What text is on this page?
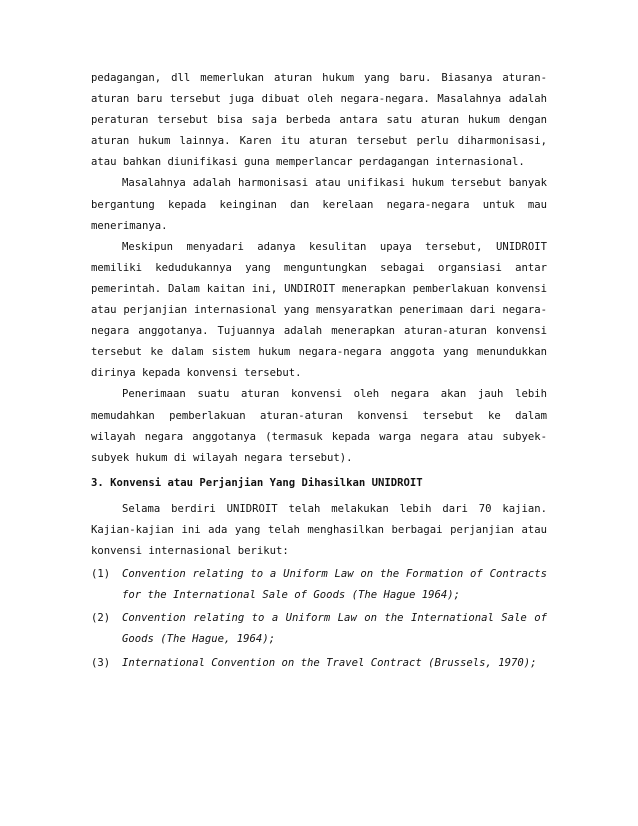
pedagangan, dll memerlukan aturan hukum yang baru. Biasanya aturan-aturan baru tersebut juga dibuat oleh negara-negara. Masalahnya adalah peraturan tersebut bisa saja berbeda antara satu aturan hukum dengan aturan hukum lainnya. Karen itu aturan tersebut perlu diharmonisasi, atau bahkan diunifikasi guna memperlancar perdagangan internasional.

Masalahnya adalah harmonisasi atau unifikasi hukum tersebut banyak bergantung kepada keinginan dan kerelaan negara-negara untuk mau menerimanya.

Meskipun menyadari adanya kesulitan upaya tersebut, UNIDROIT memiliki kedudukannya yang menguntungkan sebagai organsiasi antar pemerintah. Dalam kaitan ini, UNDIROIT menerapkan pemberlakuan konvensi atau perjanjian internasional yang mensyaratkan penerimaan dari negara-negara anggotanya. Tujuannya adalah menerapkan aturan-aturan konvensi tersebut ke dalam sistem hukum negara-negara anggota yang menundukkan dirinya kepada konvensi tersebut.

Penerimaan suatu aturan konvensi oleh negara akan jauh lebih memudahkan pemberlakuan aturan-aturan konvensi tersebut ke dalam wilayah negara anggotanya (termasuk kepada warga negara atau subyek-subyek hukum di wilayah negara tersebut).

3. Konvensi atau Perjanjian Yang Dihasilkan UNIDROIT

Selama berdiri UNIDROIT telah melakukan lebih dari 70 kajian. Kajian-kajian ini ada yang telah menghasilkan berbagai perjanjian atau konvensi internasional berikut:

(1)	Convention relating to a Uniform Law on the Formation of Contracts for the International Sale of Goods (The Hague 1964);
(2)	Convention relating to a Uniform Law on the International Sale of Goods (The Hague, 1964);
(3)	International Convention on the Travel Contract (Brussels, 1970);
